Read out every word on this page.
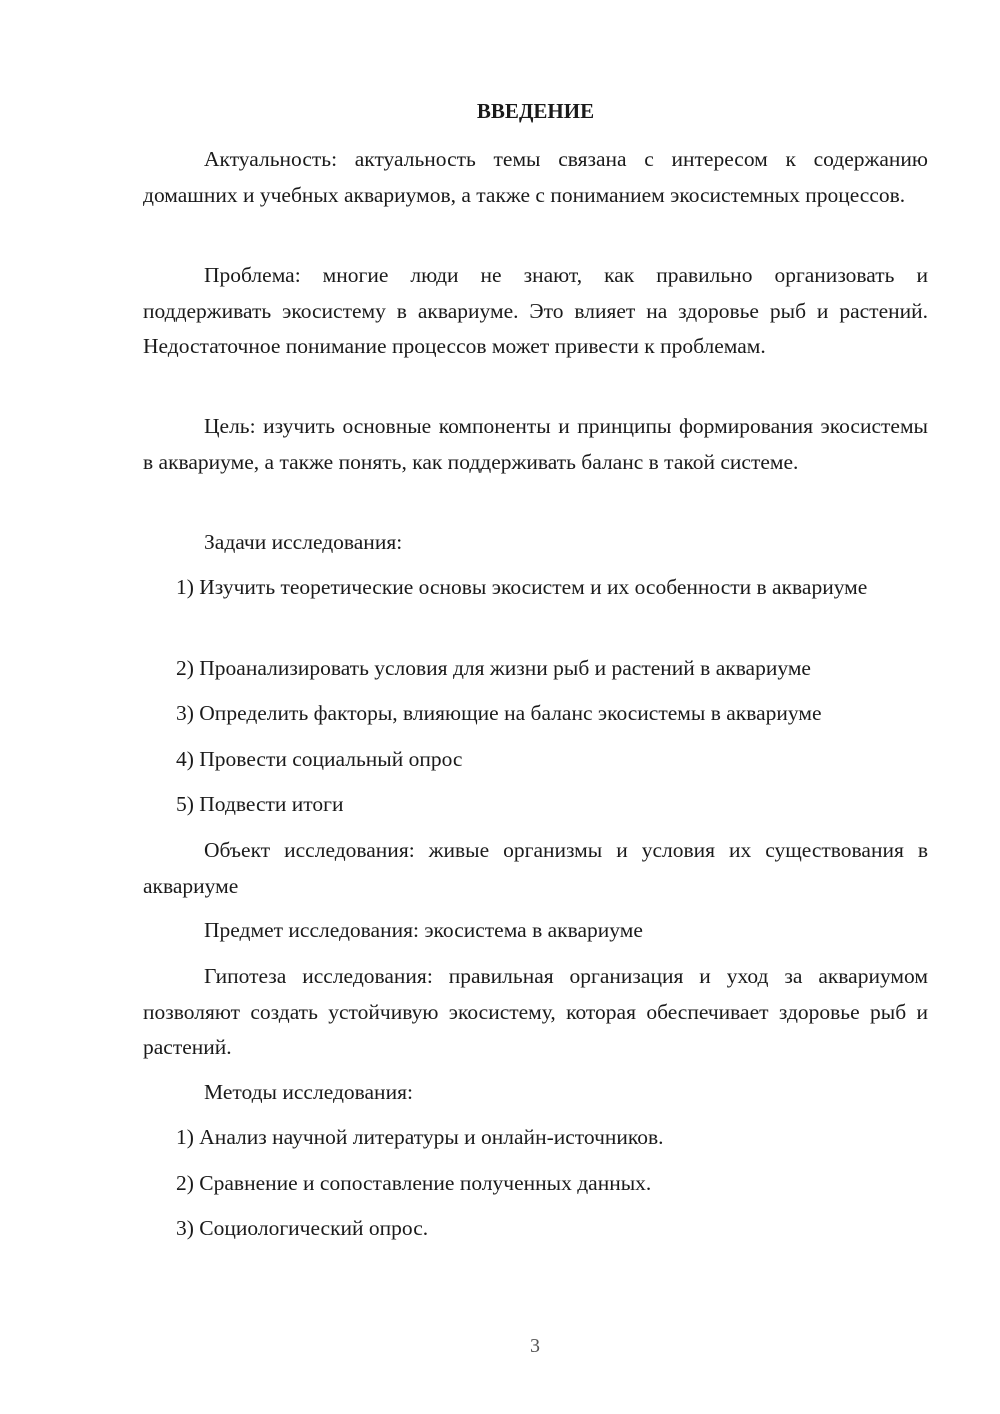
ВВЕДЕНИЕ

Актуальность: актуальность темы связана с интересом к содержанию домашних и учебных аквариумов, а также с пониманием экосистемных процессов.

Проблема: многие люди не знают, как правильно организовать и поддерживать экосистему в аквариуме. Это влияет на здоровье рыб и растений. Недостаточное понимание процессов может привести к проблемам.

Цель: изучить основные компоненты и принципы формирования экосистемы в аквариуме, а также понять, как поддерживать баланс в такой системе.

Задачи исследования:

1) Изучить теоретические основы экосистем и их особенности в аквариуме

2) Проанализировать условия для жизни рыб и растений в аквариуме

3) Определить факторы, влияющие на баланс экосистемы в аквариуме

4) Провести социальный опрос

5) Подвести итоги

Объект исследования: живые организмы и условия их существования в аквариуме

Предмет исследования: экосистема в аквариуме

Гипотеза исследования: правильная организация и уход за аквариумом позволяют создать устойчивую экосистему, которая обеспечивает здоровье рыб и растений.

Методы исследования:

1) Анализ научной литературы и онлайн-источников.

2) Сравнение и сопоставление полученных данных.

3) Социологический опрос.

3
